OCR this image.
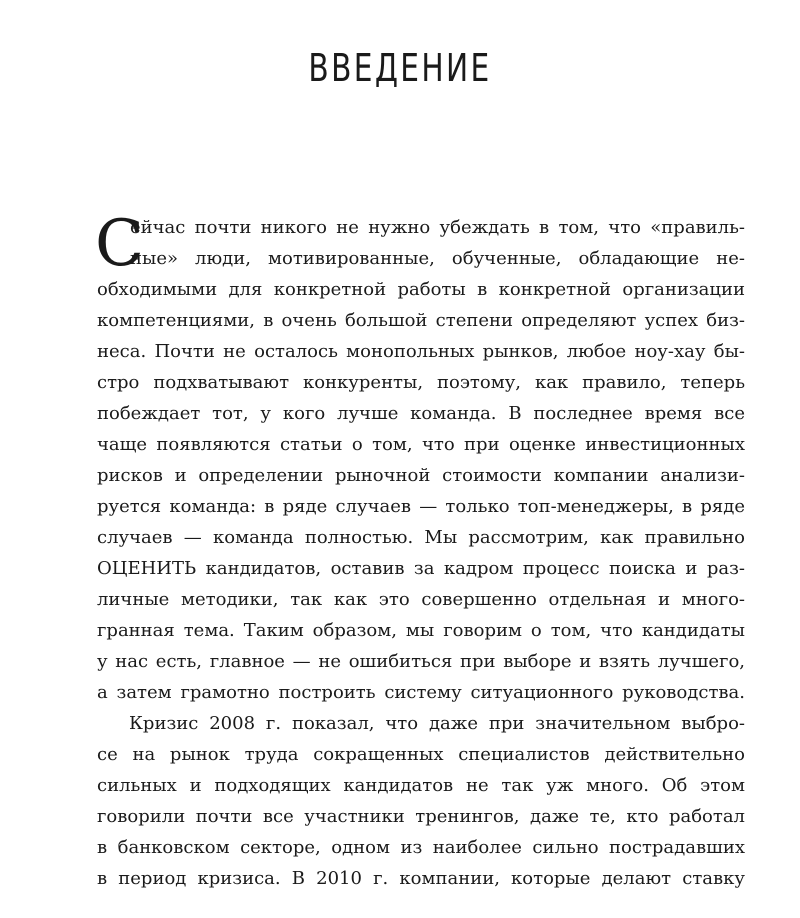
ВВЕДЕНИЕ
С
ейчас почти никого не нужно убеждать в том, что «правиль-
ные» люди, мотивированные, обученные, обладающие не-
обходимыми для конкретной работы в конкретной организации
компетенциями, в очень большой степени определяют успех биз-
неса. Почти не осталось монопольных рынков, любое ноу-хау бы-
стро подхватывают конкуренты, поэтому, как правило, теперь
побеждает тот, у кого лучше команда. В последнее время все
чаще появляются статьи о том, что при оценке инвестиционных
рисков и определении рыночной стоимости компании анализи-
руется команда: в ряде случаев — только топ-менеджеры, в ряде
случаев — команда полностью. Мы рассмотрим, как правильно
ОЦЕНИТЬ кандидатов, оставив за кадром процесс поиска и раз-
личные методики, так как это совершенно отдельная и много-
гранная тема. Таким образом, мы говорим о том, что кандидаты
у нас есть, главное — не ошибиться при выборе и взять лучшего,
а затем грамотно построить систему ситуационного руководства.
Кризис 2008 г. показал, что даже при значительном выбро-
се на рынок труда сокращенных специалистов действительно
сильных и подходящих кандидатов не так уж много. Об этом
говорили почти все участники тренингов, даже те, кто работал
в банковском секторе, одном из наиболее сильно пострадавших
в период кризиса. В 2010 г. компании, которые делают ставку
